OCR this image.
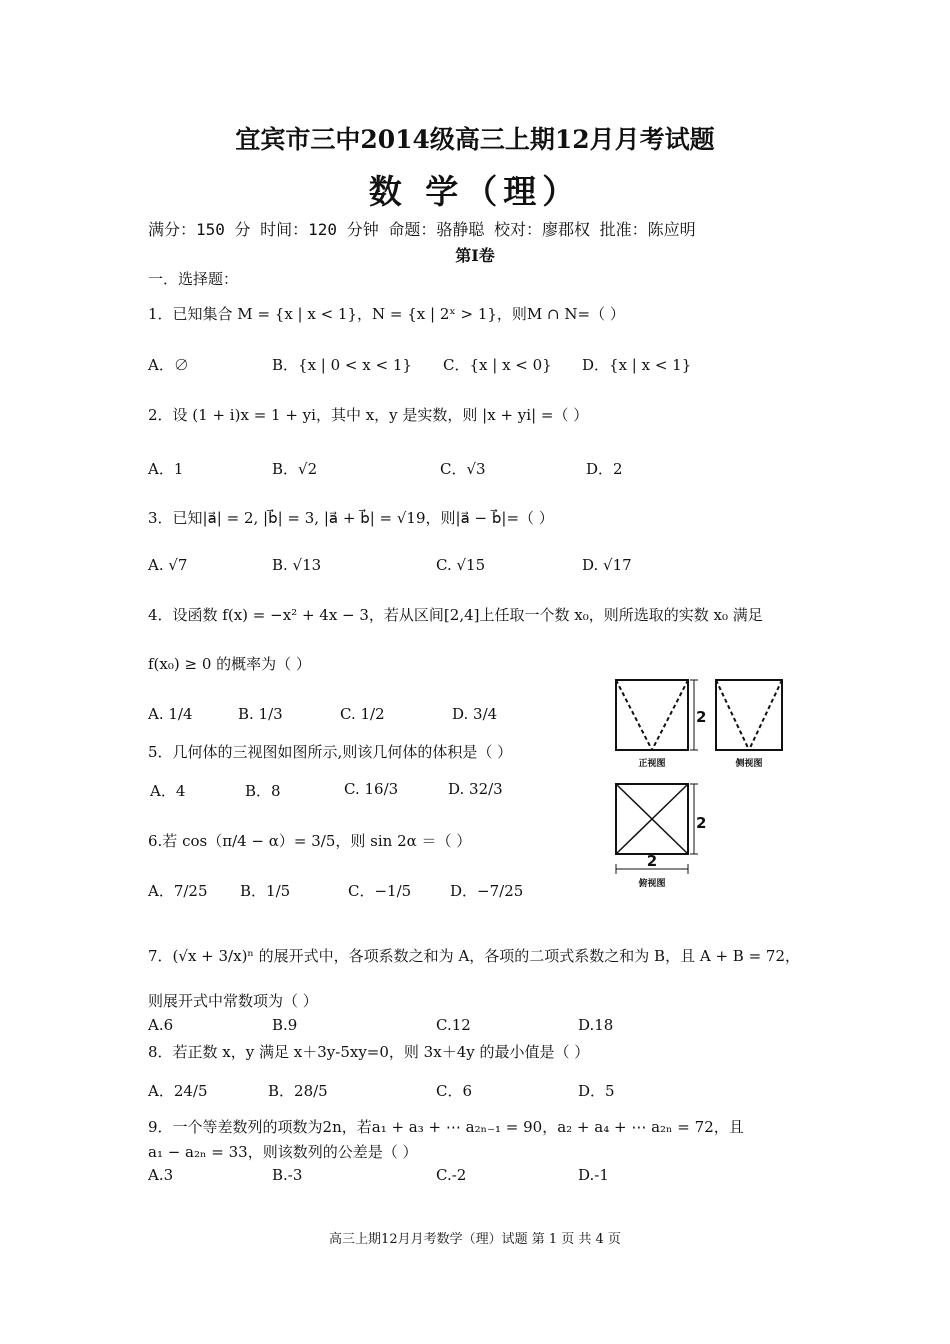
宜宾市三中2014级高三上期12月月考试题
数 学（理）
满分：150 分 时间：120 分钟 命题：骆静聪 校对：廖郡权 批准：陈应明
第Ⅰ卷
一．选择题：
1．已知集合 M = {x | x < 1}，N = {x | 2ˣ > 1}，则M ∩ N=（ ）
A．∅	B．{x | 0 < x < 1} C．{x | x < 0} D．{x | x < 1}
2．设 (1 + i)x = 1 + yi，其中 x，y 是实数，则 |x + yi| =（ ）
A．1	B．√2	C．√3	D．2
3．已知|a⃗| = 2, |b⃗| = 3, |a⃗ + b⃗| = √19，则|a⃗ − b⃗|=（ ）
A. √7	B. √13	C. √15	D. √17
4．设函数 f(x) = −x² + 4x − 3，若从区间[2,4]上任取一个数 x₀，则所选取的实数 x₀ 满足
f(x₀) ≥ 0 的概率为（ ）
A. 1/4	B. 1/3	C. 1/2	D. 3/4
5．几何体的三视图如图所示,则该几何体的体积是（ ）
A．4	B．8	C. 16/3	D. 32/3
6.若 cos（π/4 − α）= 3/5，则 sin 2α ＝（ ）
A．7/25 B．1/5	C．−1/5	D．−7/25
2
正视图	侧视图
2
2
俯视图
7．(√x + 3/x)ⁿ 的展开式中，各项系数之和为 A，各项的二项式系数之和为 B，且 A + B = 72，
则展开式中常数项为（ ）
A.6	B.9	C.12	D.18
8．若正数 x，y 满足 x＋3y-5xy=0，则 3x＋4y 的最小值是（ ）
A．24/5	B．28/5	C．6	D．5
9．一个等差数列的项数为2n，若a₁ + a₃ + ⋯ a₂ₙ₋₁ = 90，a₂ + a₄ + ⋯ a₂ₙ = 72，且
a₁ − a₂ₙ = 33，则该数列的公差是（ ）
A.3	B.-3	C.-2	D.-1
高三上期12月月考数学（理）试题 第 1 页 共 4 页
